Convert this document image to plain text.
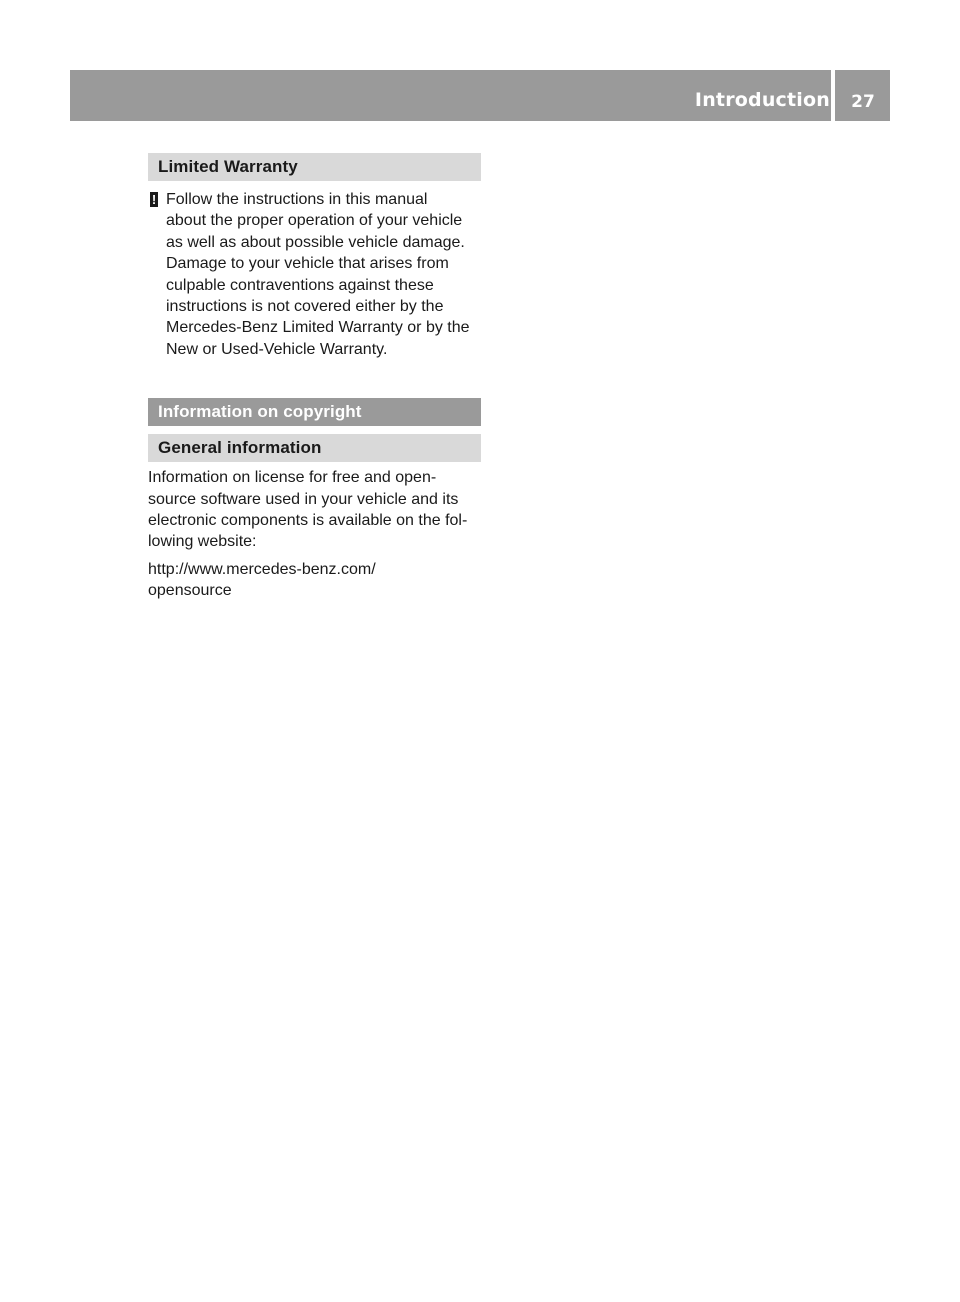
Introduction	27
Limited Warranty
! Follow the instructions in this manual

about the proper operation of your vehicle

as well as about possible vehicle damage.

Damage to your vehicle that arises from

culpable contraventions against these

instructions is not covered either by the

Mercedes-Benz Limited Warranty or by the

New or Used-Vehicle Warranty.

Information on copyright
General information

Information on license for free and open-

source software used in your vehicle and its

electronic components is available on the fol-

lowing website:

http://www.mercedes-benz.com/

opensource
